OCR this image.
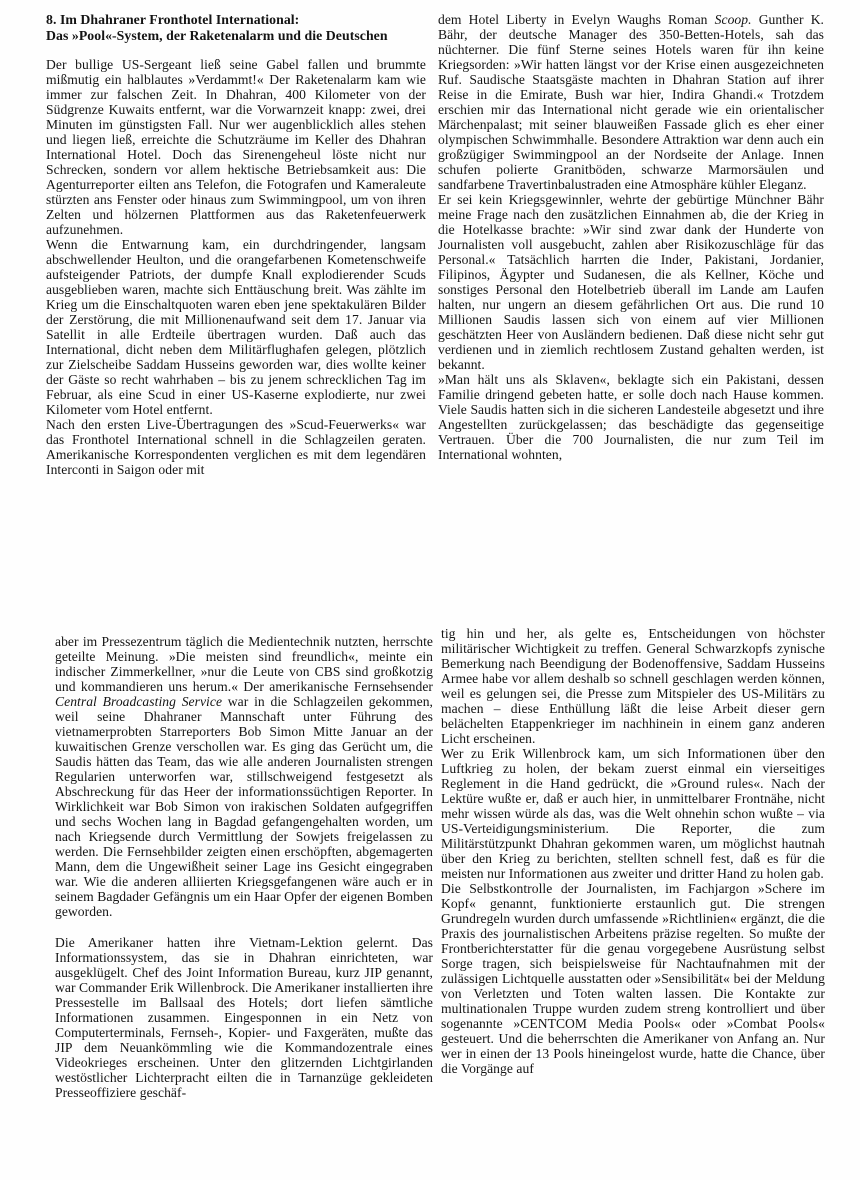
8. Im Dhahraner Fronthotel International:
Das »Pool«-System, der Raketenalarm und die Deutschen

Der bullige US-Sergeant ließ seine Gabel fallen und brummte mißmutig ein halblautes »Verdammt!« Der Raketenalarm kam wie immer zur falschen Zeit. In Dhahran, 400 Kilometer von der Südgrenze Kuwaits entfernt, war die Vorwarnzeit knapp: zwei, drei Minuten im günstigsten Fall. Nur wer augenblicklich alles stehen und liegen ließ, erreichte die Schutzräume im Keller des Dhahran International Hotel. Doch das Sirenengeheul löste nicht nur Schrecken, sondern vor allem hektische Betriebsamkeit aus: Die Agenturreporter eilten ans Telefon, die Fotografen und Kameraleute stürzten ans Fenster oder hinaus zum Swimmingpool, um von ihren Zelten und hölzernen Plattformen aus das Raketenfeuerwerk aufzunehmen.

Wenn die Entwarnung kam, ein durchdringender, langsam abschwellender Heulton, und die orangefarbenen Kometenschweife aufsteigender Patriots, der dumpfe Knall explodierender Scuds ausgeblieben waren, machte sich Enttäuschung breit. Was zählte im Krieg um die Einschaltquoten waren eben jene spektakulären Bilder der Zerstörung, die mit Millionenaufwand seit dem 17. Januar via Satellit in alle Erdteile übertragen wurden. Daß auch das International, dicht neben dem Militärflughafen gelegen, plötzlich zur Zielscheibe Saddam Husseins geworden war, dies wollte keiner der Gäste so recht wahrhaben – bis zu jenem schrecklichen Tag im Februar, als eine Scud in einer US-Kaserne explodierte, nur zwei Kilometer vom Hotel entfernt.

Nach den ersten Live-Übertragungen des »Scud-Feuerwerks« war das Fronthotel International schnell in die Schlagzeilen geraten. Amerikanische Korrespondenten verglichen es mit dem legendären Interconti in Saigon oder mit

dem Hotel Liberty in Evelyn Waughs Roman Scoop. Gunther K. Bähr, der deutsche Manager des 350-Betten-Hotels, sah das nüchterner. Die fünf Sterne seines Hotels waren für ihn keine Kriegsorden: »Wir hatten längst vor der Krise einen ausgezeichneten Ruf. Saudische Staatsgäste machten in Dhahran Station auf ihrer Reise in die Emirate, Bush war hier, Indira Ghandi.« Trotzdem erschien mir das International nicht gerade wie ein orientalischer Märchenpalast; mit seiner blauweißen Fassade glich es eher einer olympischen Schwimmhalle. Besondere Attraktion war denn auch ein großzügiger Swimmingpool an der Nordseite der Anlage. Innen schufen polierte Granitböden, schwarze Marmorsäulen und sandfarbene Travertinbalustraden eine Atmosphäre kühler Eleganz.

Er sei kein Kriegsgewinnler, wehrte der gebürtige Münchner Bähr meine Frage nach den zusätzlichen Einnahmen ab, die der Krieg in die Hotelkasse brachte: »Wir sind zwar dank der Hunderte von Journalisten voll ausgebucht, zahlen aber Risikozuschläge für das Personal.« Tatsächlich harrten die Inder, Pakistani, Jordanier, Filipinos, Ägypter und Sudanesen, die als Kellner, Köche und sonstiges Personal den Hotelbetrieb überall im Lande am Laufen halten, nur ungern an diesem gefährlichen Ort aus. Die rund 10 Millionen Saudis lassen sich von einem auf vier Millionen geschätzten Heer von Ausländern bedienen. Daß diese nicht sehr gut verdienen und in ziemlich rechtlosem Zustand gehalten werden, ist bekannt.

»Man hält uns als Sklaven«, beklagte sich ein Pakistani, dessen Familie dringend gebeten hatte, er solle doch nach Hause kommen. Viele Saudis hatten sich in die sicheren Landesteile abgesetzt und ihre Angestellten zurückgelassen; das beschädigte das gegenseitige Vertrauen. Über die 700 Journalisten, die nur zum Teil im International wohnten,

aber im Pressezentrum täglich die Medientechnik nutzten, herrschte geteilte Meinung. »Die meisten sind freundlich«, meinte ein indischer Zimmerkellner, »nur die Leute von CBS sind großkotzig und kommandieren uns herum.« Der amerikanische Fernsehsender Central Broadcasting Service war in die Schlagzeilen gekommen, weil seine Dhahraner Mannschaft unter Führung des vietnamerprobten Starreporters Bob Simon Mitte Januar an der kuwaitischen Grenze verschollen war. Es ging das Gerücht um, die Saudis hätten das Team, das wie alle anderen Journalisten strengen Regularien unterworfen war, stillschweigend festgesetzt als Abschreckung für das Heer der informationssüchtigen Reporter. In Wirklichkeit war Bob Simon von irakischen Soldaten aufgegriffen und sechs Wochen lang in Bagdad gefangengehalten worden, um nach Kriegsende durch Vermittlung der Sowjets freigelassen zu werden. Die Fernsehbilder zeigten einen erschöpften, abgemagerten Mann, dem die Ungewißheit seiner Lage ins Gesicht eingegraben war. Wie die anderen alliierten Kriegsgefangenen wäre auch er in seinem Bagdader Gefängnis um ein Haar Opfer der eigenen Bomben geworden.

Die Amerikaner hatten ihre Vietnam-Lektion gelernt. Das Informationssystem, das sie in Dhahran einrichteten, war ausgeklügelt. Chef des Joint Information Bureau, kurz JIP genannt, war Commander Erik Willenbrock. Die Amerikaner installierten ihre Pressestelle im Ballsaal des Hotels; dort liefen sämtliche Informationen zusammen. Eingesponnen in ein Netz von Computerterminals, Fernseh-, Kopier- und Faxgeräten, mußte das JIP dem Neuankömmling wie die Kommandozentrale eines Videokrieges erscheinen. Unter den glitzernden Lichtgirlanden westöstlicher Lichterpracht eilten die in Tarnanzüge gekleideten Presseoffiziere geschäf-

tig hin und her, als gelte es, Entscheidungen von höchster militärischer Wichtigkeit zu treffen. General Schwarzkopfs zynische Bemerkung nach Beendigung der Bodenoffensive, Saddam Husseins Armee habe vor allem deshalb so schnell geschlagen werden können, weil es gelungen sei, die Presse zum Mitspieler des US-Militärs zu machen – diese Enthüllung läßt die leise Arbeit dieser gern belächelten Etappenkrieger im nachhinein in einem ganz anderen Licht erscheinen.

Wer zu Erik Willenbrock kam, um sich Informationen über den Luftkrieg zu holen, der bekam zuerst einmal ein vierseitiges Reglement in die Hand gedrückt, die »Ground rules«. Nach der Lektüre wußte er, daß er auch hier, in unmittelbarer Frontnähe, nicht mehr wissen würde als das, was die Welt ohnehin schon wußte – via US-Verteidigungsministerium. Die Reporter, die zum Militärstützpunkt Dhahran gekommen waren, um möglichst hautnah über den Krieg zu berichten, stellten schnell fest, daß es für die meisten nur Informationen aus zweiter und dritter Hand zu holen gab.

Die Selbstkontrolle der Journalisten, im Fachjargon »Schere im Kopf« genannt, funktionierte erstaunlich gut. Die strengen Grundregeln wurden durch umfassende »Richtlinien« ergänzt, die die Praxis des journalistischen Arbeitens präzise regelten. So mußte der Frontberichterstatter für die genau vorgegebene Ausrüstung selbst Sorge tragen, sich beispielsweise für Nachtaufnahmen mit der zulässigen Lichtquelle ausstatten oder »Sensibilität« bei der Meldung von Verletzten und Toten walten lassen. Die Kontakte zur multinationalen Truppe wurden zudem streng kontrolliert und über sogenannte »CENTCOM Media Pools« oder »Combat Pools« gesteuert. Und die beherrschten die Amerikaner von Anfang an. Nur wer in einen der 13 Pools hineingelost wurde, hatte die Chance, über die Vorgänge auf
